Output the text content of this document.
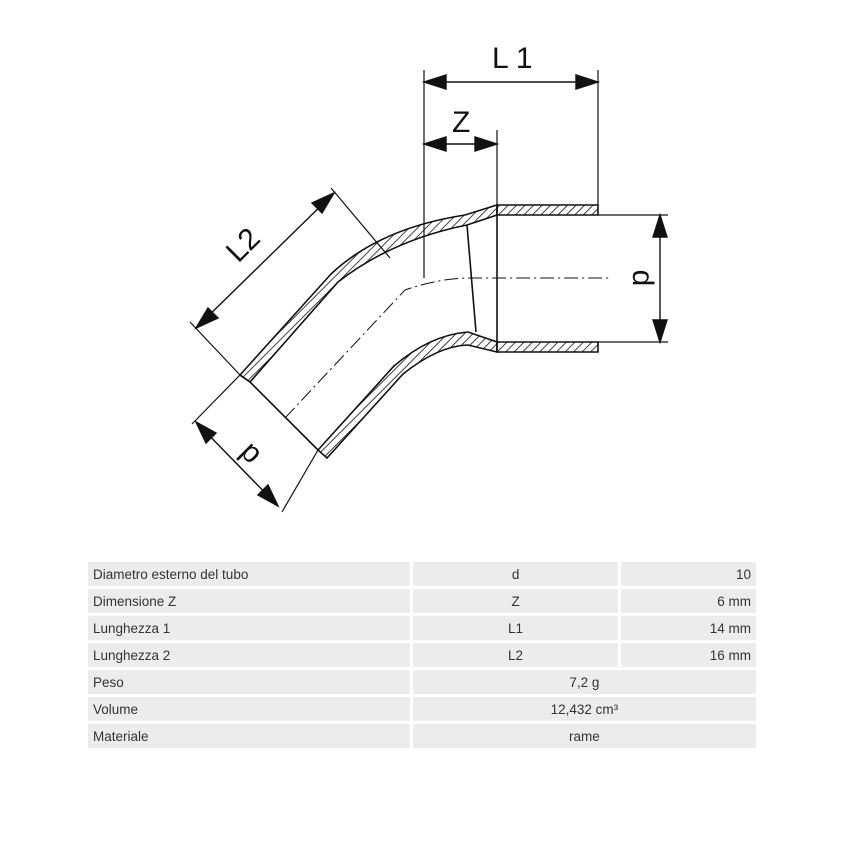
L 1
Z
d
L2
d
Diametro esterno del tubo	d	10
Dimensione Z	Z	6 mm
Lunghezza 1	L1	14 mm
Lunghezza 2	L2	16 mm
Peso	7,2 g	
Volume	12,432 cm³	
Materiale	rame	
